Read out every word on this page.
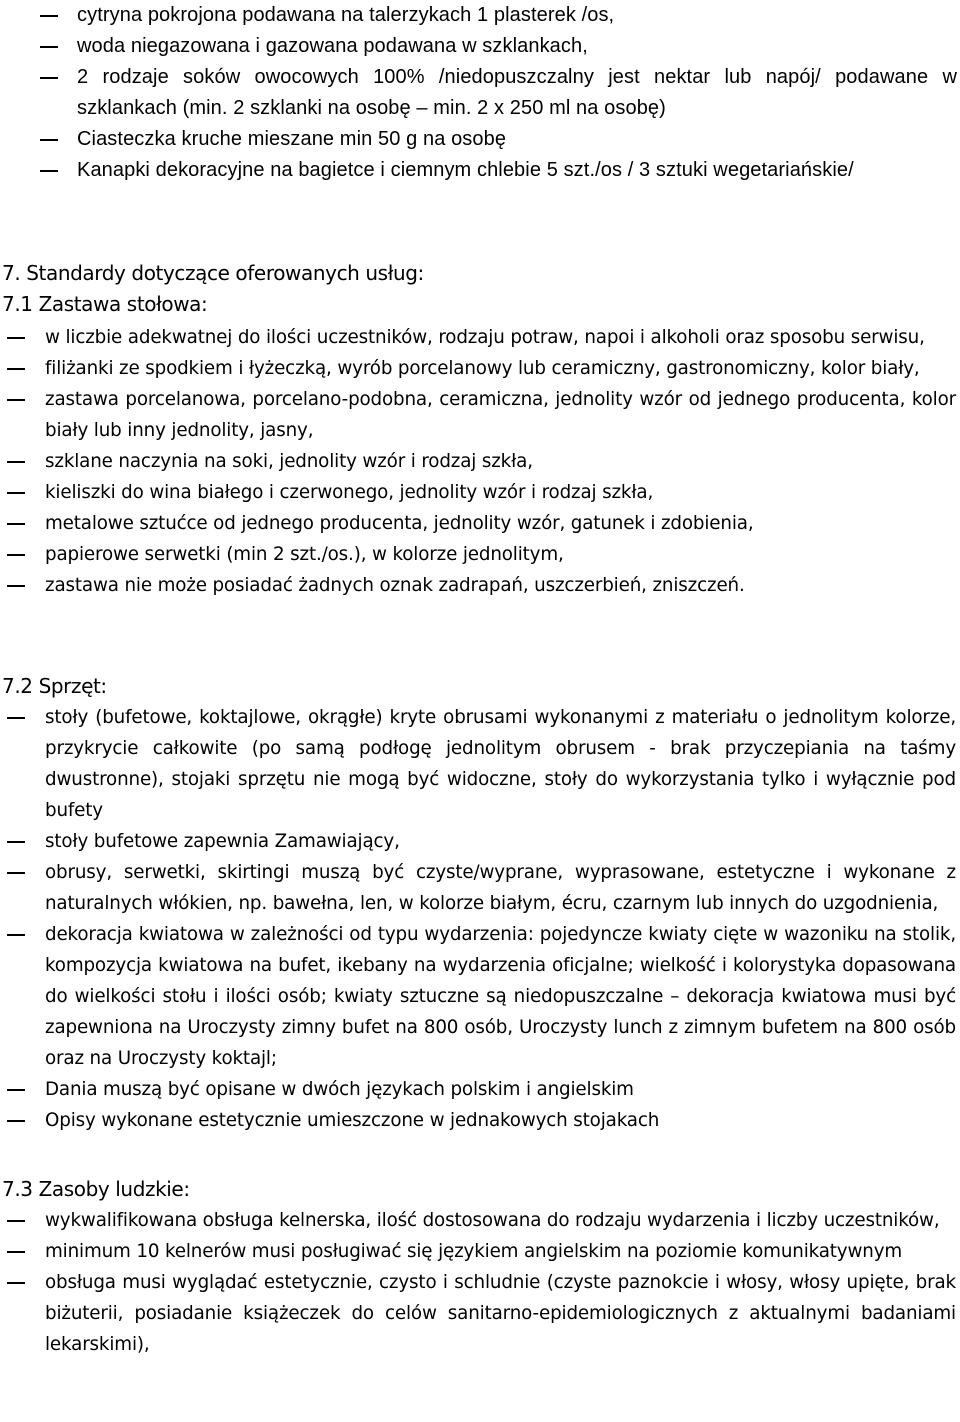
cytryna pokrojona podawana na talerzykach 1 plasterek /os,
woda niegazowana i gazowana podawana w szklankach,
2 rodzaje soków owocowych 100% /niedopuszczalny jest nektar lub napój/ podawane w szklankach (min. 2 szklanki na osobę – min. 2 x 250 ml na osobę)
Ciasteczka kruche mieszane min 50 g na osobę
Kanapki dekoracyjne na bagietce i ciemnym chlebie 5 szt./os / 3 sztuki wegetariańskie/
7. Standardy dotyczące oferowanych usług:
7.1 Zastawa stołowa:
w liczbie adekwatnej do ilości uczestników, rodzaju potraw, napoi i alkoholi oraz sposobu serwisu,
filiżanki ze spodkiem i łyżeczką, wyrób porcelanowy lub ceramiczny, gastronomiczny, kolor biały,
zastawa porcelanowa, porcelano-podobna, ceramiczna, jednolity wzór od jednego producenta, kolor biały lub inny jednolity, jasny,
szklane naczynia na soki, jednolity wzór i rodzaj szkła,
kieliszki do wina białego i czerwonego, jednolity wzór i rodzaj szkła,
metalowe sztućce od jednego producenta, jednolity wzór, gatunek i zdobienia,
papierowe serwetki (min 2 szt./os.), w kolorze jednolitym,
zastawa nie może posiadać żadnych oznak zadrapań, uszczerbień, zniszczeń.
7.2 Sprzęt:
stoły (bufetowe, koktajlowe, okrągłe) kryte obrusami wykonanymi z materiału o jednolitym kolorze, przykrycie całkowite (po samą podłogę jednolitym obrusem - brak przyczepiania na taśmy dwustronne), stojaki sprzętu nie mogą być widoczne, stoły do wykorzystania tylko i wyłącznie pod bufety
stoły bufetowe zapewnia Zamawiający,
obrusy, serwetki, skirtingi muszą być czyste/wyprane, wyprasowane, estetyczne i wykonane z naturalnych włókien, np. bawełna, len, w kolorze białym, écru, czarnym lub innych do uzgodnienia,
dekoracja kwiatowa w zależności od typu wydarzenia: pojedyncze kwiaty cięte w wazoniku na stolik, kompozycja kwiatowa na bufet, ikebany na wydarzenia oficjalne; wielkość i kolorystyka dopasowana do wielkości stołu i ilości osób; kwiaty sztuczne są niedopuszczalne – dekoracja kwiatowa musi być zapewniona na Uroczysty zimny bufet na 800 osób, Uroczysty lunch z zimnym bufetem na 800 osób oraz na Uroczysty koktajl;
Dania muszą być opisane w dwóch językach polskim i angielskim
Opisy wykonane estetycznie umieszczone w jednakowych stojakach
7.3 Zasoby ludzkie:
wykwalifikowana obsługa kelnerska, ilość dostosowana do rodzaju wydarzenia i liczby uczestników,
minimum 10 kelnerów musi posługiwać się językiem angielskim na poziomie komunikatywnym
obsługa musi wyglądać estetycznie, czysto i schludnie (czyste paznokcie i włosy, włosy upięte, brak biżuterii, posiadanie książeczek do celów sanitarno-epidemiologicznych z aktualnymi badaniami lekarskimi),
